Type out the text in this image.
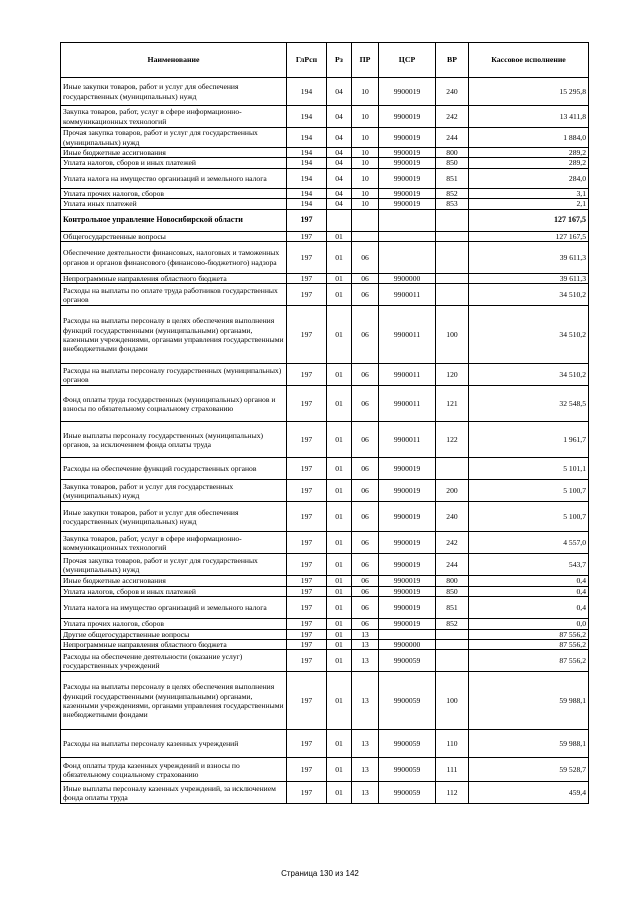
Наименование	ГлРсп	Рз	ПР	ЦСР	ВР	Кассовое исполнение
Иные закупки товаров, работ и услуг для обеспечения государственных (муниципальных) нужд	194	04	10	9900019	240	15 295,8
Закупка товаров, работ, услуг в сфере информационно-коммуникационных технологий	194	04	10	9900019	242	13 411,8
Прочая закупка товаров, работ и услуг для государственных (муниципальных) нужд	194	04	10	9900019	244	1 884,0
Иные бюджетные ассигнования	194	04	10	9900019	800	289,2
Уплата налогов, сборов и иных платежей	194	04	10	9900019	850	289,2
Уплата налога на имущество организаций и земельного налога	194	04	10	9900019	851	284,0
Уплата прочих налогов, сборов	194	04	10	9900019	852	3,1
Уплата иных платежей	194	04	10	9900019	853	2,1
Контрольное управление Новосибирской области	197					127 167,5
Общегосударственные вопросы	197	01				127 167,5
Обеспечение деятельности финансовых, налоговых и таможенных органов и органов финансового (финансово-бюджетного) надзора	197	01	06			39 611,3
Непрограммные направления областного бюджета	197	01	06	9900000		39 611,3
Расходы на выплаты по оплате труда работников государственных органов	197	01	06	9900011		34 510,2
Расходы на выплаты персоналу в целях обеспечения выполнения функций государственными (муниципальными) органами, казенными учреждениями, органами управления государственными внебюджетными фондами	197	01	06	9900011	100	34 510,2
Расходы на выплаты персоналу государственных (муниципальных) органов	197	01	06	9900011	120	34 510,2
Фонд оплаты труда государственных (муниципальных) органов и взносы по обязательному социальному страхованию	197	01	06	9900011	121	32 548,5
Иные выплаты персоналу государственных (муниципальных) органов, за исключением фонда оплаты труда	197	01	06	9900011	122	1 961,7
Расходы на обеспечение функций государственных органов	197	01	06	9900019		5 101,1
Закупка товаров, работ и услуг для государственных (муниципальных) нужд	197	01	06	9900019	200	5 100,7
Иные закупки товаров, работ и услуг для обеспечения государственных (муниципальных) нужд	197	01	06	9900019	240	5 100,7
Закупка товаров, работ, услуг в сфере информационно-коммуникационных технологий	197	01	06	9900019	242	4 557,0
Прочая закупка товаров, работ и услуг для государственных (муниципальных) нужд	197	01	06	9900019	244	543,7
Иные бюджетные ассигнования	197	01	06	9900019	800	0,4
Уплата налогов, сборов и иных платежей	197	01	06	9900019	850	0,4
Уплата налога на имущество организаций и земельного налога	197	01	06	9900019	851	0,4
Уплата прочих налогов, сборов	197	01	06	9900019	852	0,0
Другие общегосударственные вопросы	197	01	13			87 556,2
Непрограммные направления областного бюджета	197	01	13	9900000		87 556,2
Расходы на обеспечение деятельности (оказание услуг) государственных учреждений	197	01	13	9900059		87 556,2
Расходы на выплаты персоналу в целях обеспечения выполнения функций государственными (муниципальными) органами, казенными учреждениями, органами управления государственными внебюджетными фондами	197	01	13	9900059	100	59 988,1
Расходы на выплаты персоналу казенных учреждений	197	01	13	9900059	110	59 988,1
Фонд оплаты труда казенных учреждений и взносы по обязательному социальному страхованию	197	01	13	9900059	111	59 528,7
Иные выплаты персоналу казенных учреждений, за исключением фонда оплаты труда	197	01	13	9900059	112	459,4
Страница 130 из 142
